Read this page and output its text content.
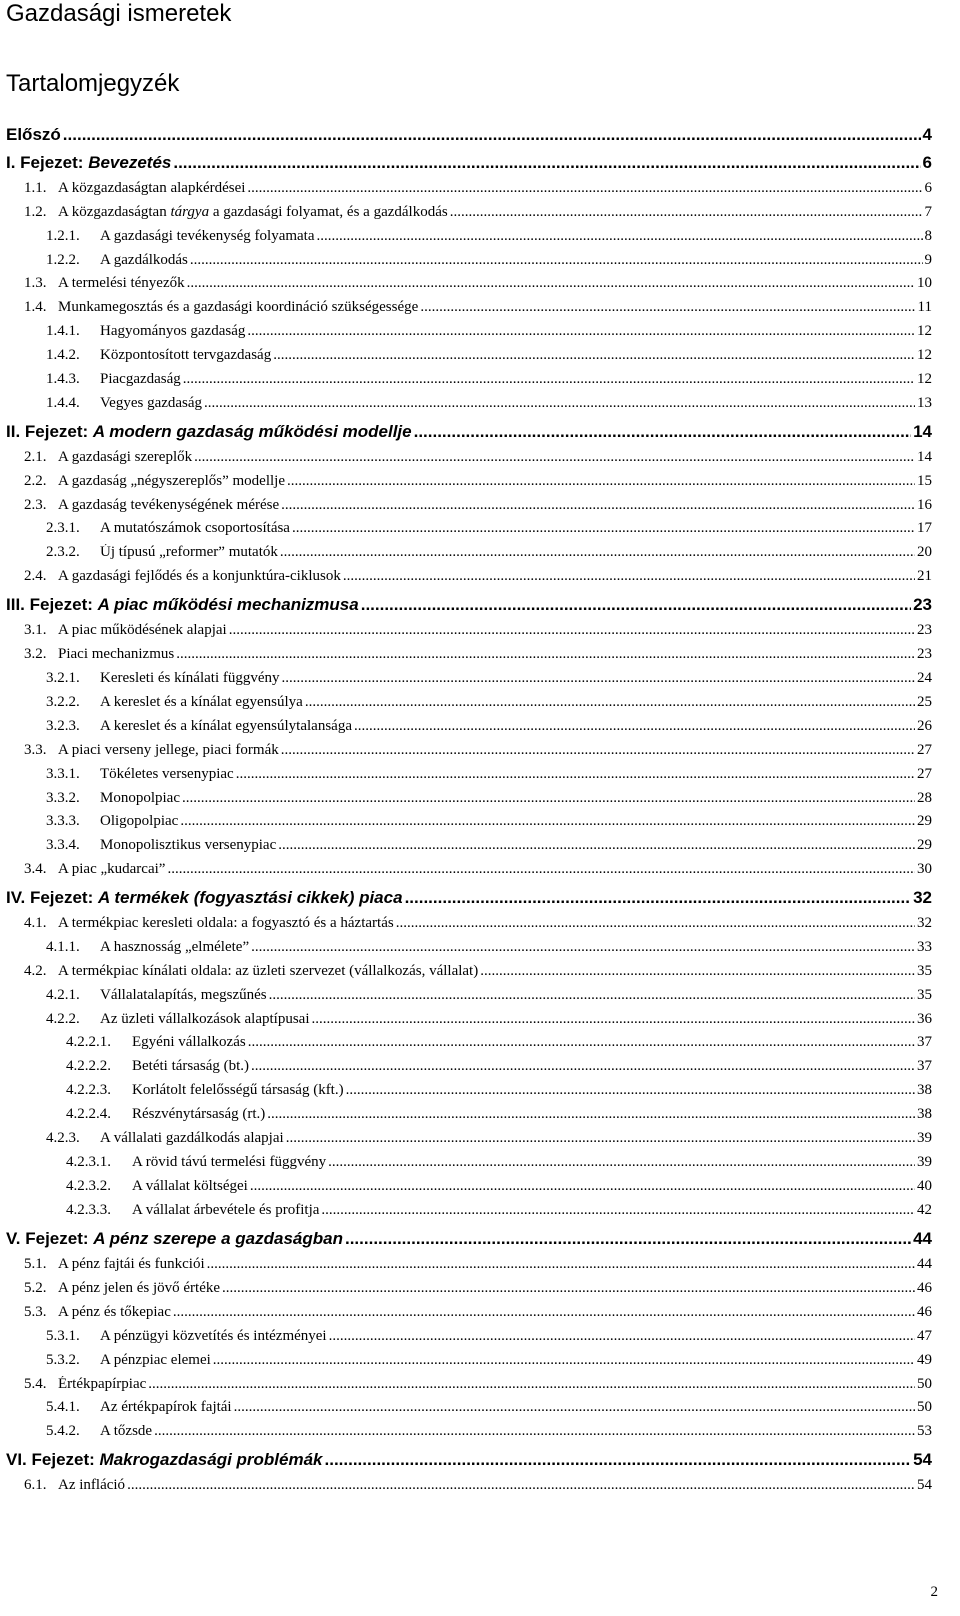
Gazdasági ismeretek
Tartalomjegyzék
Előszó .....	4
I. Fejezet: Bevezetés .....	6
1.1. A közgazdaságtan alapkérdései .....	6
1.2. A közgazdaságtan tárgya a gazdasági folyamat, és a gazdálkodás .....	7
1.2.1. A gazdasági tevékenység folyamata .....	8
1.2.2. A gazdálkodás .....	9
1.3. A termelési tényezők .....	10
1.4. Munkamegosztás és a gazdasági koordináció szükségessége .....	11
1.4.1. Hagyományos gazdaság .....	12
1.4.2. Központosított tervgazdaság .....	12
1.4.3. Piacgazdaság .....	12
1.4.4. Vegyes gazdaság .....	13
II. Fejezet: A modern gazdaság működési modellje .....	14
2.1. A gazdasági szereplők .....	14
2.2. A gazdaság „négyszereplős” modellje .....	15
2.3. A gazdaság tevékenységének mérése .....	16
2.3.1. A mutatószámok csoportosítása .....	17
2.3.2. Új típusú „reformer” mutatók .....	20
2.4. A gazdasági fejlődés és a konjunktúra-ciklusok .....	21
III. Fejezet: A piac működési mechanizmusa .....	23
3.1. A piac működésének alapjai .....	23
3.2. Piaci mechanizmus .....	23
3.2.1. Keresleti és kínálati függvény .....	24
3.2.2. A kereslet és a kínálat egyensúlya .....	25
3.2.3. A kereslet és a kínálat egyensúlytalansága .....	26
3.3. A piaci verseny jellege, piaci formák .....	27
3.3.1. Tökéletes versenypiac .....	27
3.3.2. Monopolpiac .....	28
3.3.3. Oligopolpiac .....	29
3.3.4. Monopolisztikus versenypiac .....	29
3.4. A piac „kudarcai” .....	30
IV. Fejezet: A termékek (fogyasztási cikkek) piaca .....	32
4.1. A termékpiac keresleti oldala: a fogyasztó és a háztartás .....	32
4.1.1. A hasznosság „elmélete” .....	33
4.2. A termékpiac kínálati oldala: az üzleti szervezet (vállalkozás, vállalat) .....	35
4.2.1. Vállalatalapítás, megszűnés .....	35
4.2.2. Az üzleti vállalkozások alaptípusai .....	36
4.2.2.1. Egyéni vállalkozás .....	37
4.2.2.2. Betéti társaság (bt.) .....	37
4.2.2.3. Korlátolt felelősségű társaság (kft.) .....	38
4.2.2.4. Részvénytársaság (rt.) .....	38
4.2.3. A vállalati gazdálkodás alapjai .....	39
4.2.3.1. A rövid távú termelési függvény .....	39
4.2.3.2. A vállalat költségei .....	40
4.2.3.3. A vállalat árbevétele és profitja .....	42
V. Fejezet: A pénz szerepe a gazdaságban .....	44
5.1. A pénz fajtái és funkciói .....	44
5.2. A pénz jelen és jövő értéke .....	46
5.3. A pénz és tőkepiac .....	46
5.3.1. A pénzügyi közvetítés és intézményei .....	47
5.3.2. A pénzpiac elemei .....	49
5.4. Értékpapírpiac .....	50
5.4.1. Az értékpapírok fajtái .....	50
5.4.2. A tőzsde .....	53
VI. Fejezet: Makrogazdasági problémák .....	54
6.1. Az infláció .....	54
2
